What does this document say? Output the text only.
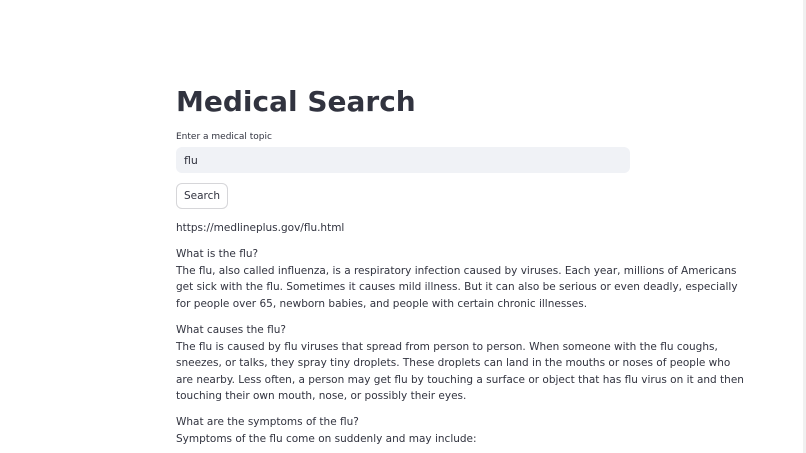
Medical Search
Enter a medical topic
flu
Search
https://medlineplus.gov/flu.html
What is the flu?

The flu, also called influenza, is a respiratory infection caused by viruses. Each year, millions of Americans

get sick with the flu. Sometimes it causes mild illness. But it can also be serious or even deadly, especially

for people over 65, newborn babies, and people with certain chronic illnesses.

What causes the flu?

The flu is caused by flu viruses that spread from person to person. When someone with the flu coughs,

sneezes, or talks, they spray tiny droplets. These droplets can land in the mouths or noses of people who

are nearby. Less often, a person may get flu by touching a surface or object that has flu virus on it and then

touching their own mouth, nose, or possibly their eyes.

What are the symptoms of the flu?

Symptoms of the flu come on suddenly and may include:
